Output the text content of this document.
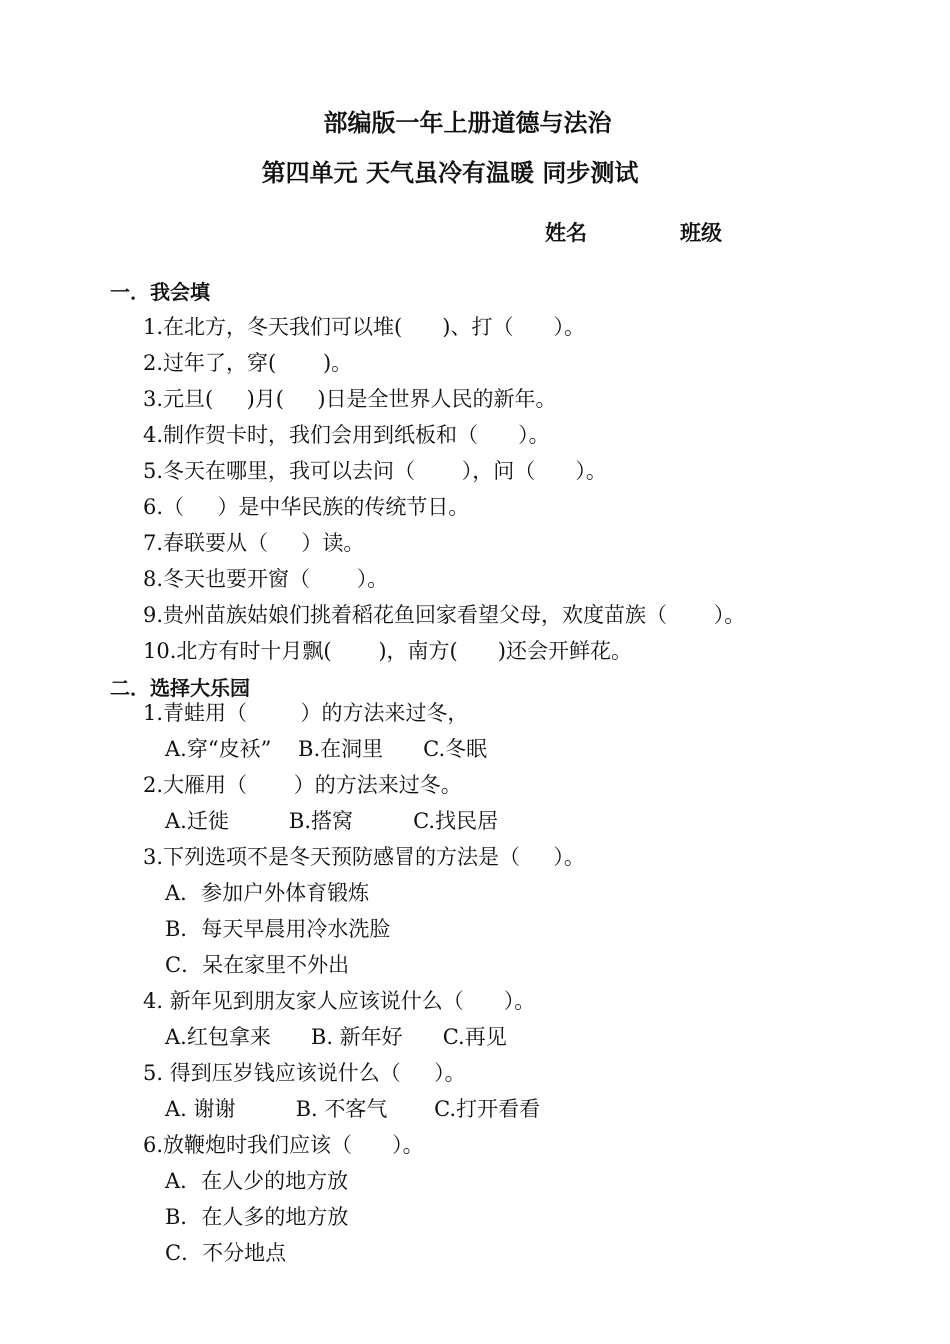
部编版一年上册道德与法治
第四单元 天气虽冷有温暖 同步测试
姓名	班级
一．我会填
1.在北方，冬天我们可以堆(      )、打（      ）。
2.过年了，穿(       )。
3.元旦(     )月(     )日是全世界人民的新年。
4.制作贺卡时，我们会用到纸板和（      ）。
5.冬天在哪里，我可以去问（       ），问（      ）。
6.（     ）是中华民族的传统节日。
7.春联要从（     ）读。
8.冬天也要开窗（       ）。
9.贵州苗族姑娘们挑着稻花鱼回家看望父母，欢度苗族（       ）。
10.北方有时十月飘(       )，南方(      )还会开鲜花。
二．选择大乐园
1.青蛙用（        ）的方法来过冬，
A.穿“皮袄”    B.在洞里      C.冬眠
2.大雁用（       ）的方法来过冬。
A.迁徙         B.搭窝         C.找民居
3.下列选项不是冬天预防感冒的方法是（     ）。
A．参加户外体育锻炼
B．每天早晨用冷水洗脸
C．呆在家里不外出
4. 新年见到朋友家人应该说什么（      ）。
A.红包拿来      B. 新年好      C.再见
5. 得到压岁钱应该说什么（     ）。
A. 谢谢         B. 不客气       C.打开看看
6.放鞭炮时我们应该（      ）。
A．在人少的地方放
B．在人多的地方放
C．不分地点
